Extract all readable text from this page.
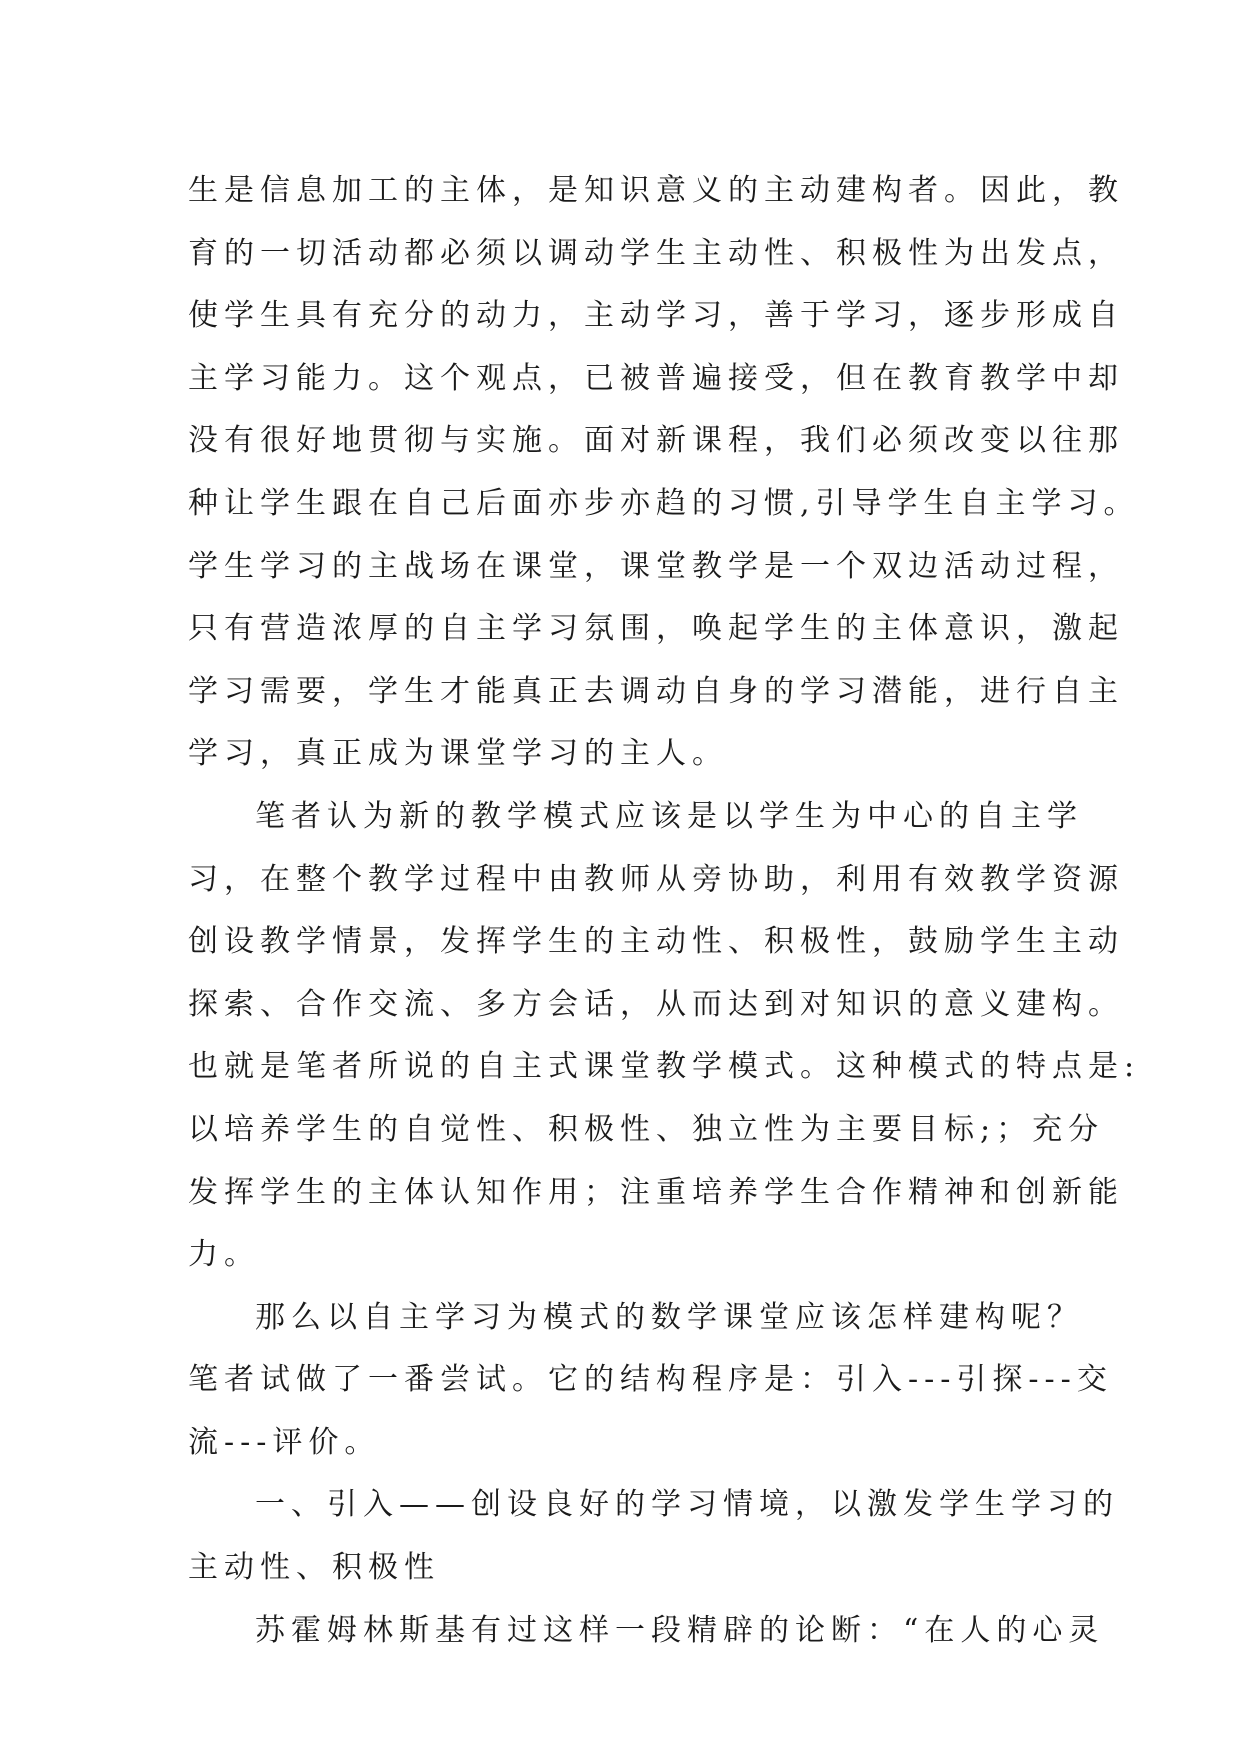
生是信息加工的主体，是知识意义的主动建构者。因此，教
育的一切活动都必须以调动学生主动性、积极性为出发点，
使学生具有充分的动力，主动学习，善于学习，逐步形成自
主学习能力。这个观点，已被普遍接受，但在教育教学中却
没有很好地贯彻与实施。面对新课程，我们必须改变以往那
种让学生跟在自己后面亦步亦趋的习惯,引导学生自主学习。
学生学习的主战场在课堂，课堂教学是一个双边活动过程，
只有营造浓厚的自主学习氛围，唤起学生的主体意识，激起
学习需要，学生才能真正去调动自身的学习潜能，进行自主
学习，真正成为课堂学习的主人。
笔者认为新的教学模式应该是以学生为中心的自主学
习，在整个教学过程中由教师从旁协助，利用有效教学资源
创设教学情景，发挥学生的主动性、积极性，鼓励学生主动
探索、合作交流、多方会话，从而达到对知识的意义建构。
也就是笔者所说的自主式课堂教学模式。这种模式的特点是:
以培养学生的自觉性、积极性、独立性为主要目标;；充分
发挥学生的主体认知作用；注重培养学生合作精神和创新能
力。
那么以自主学习为模式的数学课堂应该怎样建构呢？
笔者试做了一番尝试。它的结构程序是：引入---引探---交
流---评价。
一、引入——创设良好的学习情境，以激发学生学习的
主动性、积极性
苏霍姆林斯基有过这样一段精辟的论断：“在人的心灵
